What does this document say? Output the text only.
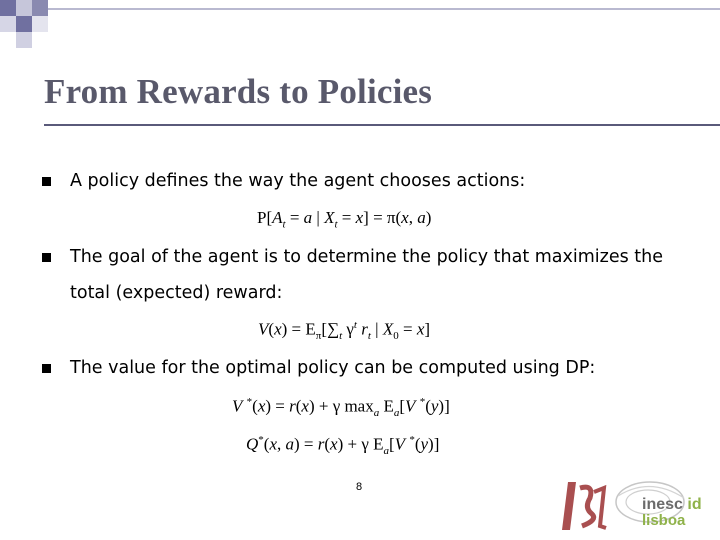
From Rewards to Policies
A policy defines the way the agent chooses actions:
$P[A_t = a$ | $X_t = x] = \pi(x$, a)
The goal of the agent is to determine the policy that maximizes the
total (expected) reward:
$V(x) = E_\pi[\sum_t$ $\gamma^t$ $r_t$ | $X_0 = x$]
The value for the optimal policy can be computed using DP:
V *(x) = r(x) + γ $\max_a E_a[V$ *(y)]
Q*(x, a) = r(x) + γ $E_a[V$ *(y)]
8
inesc id
lisboa
